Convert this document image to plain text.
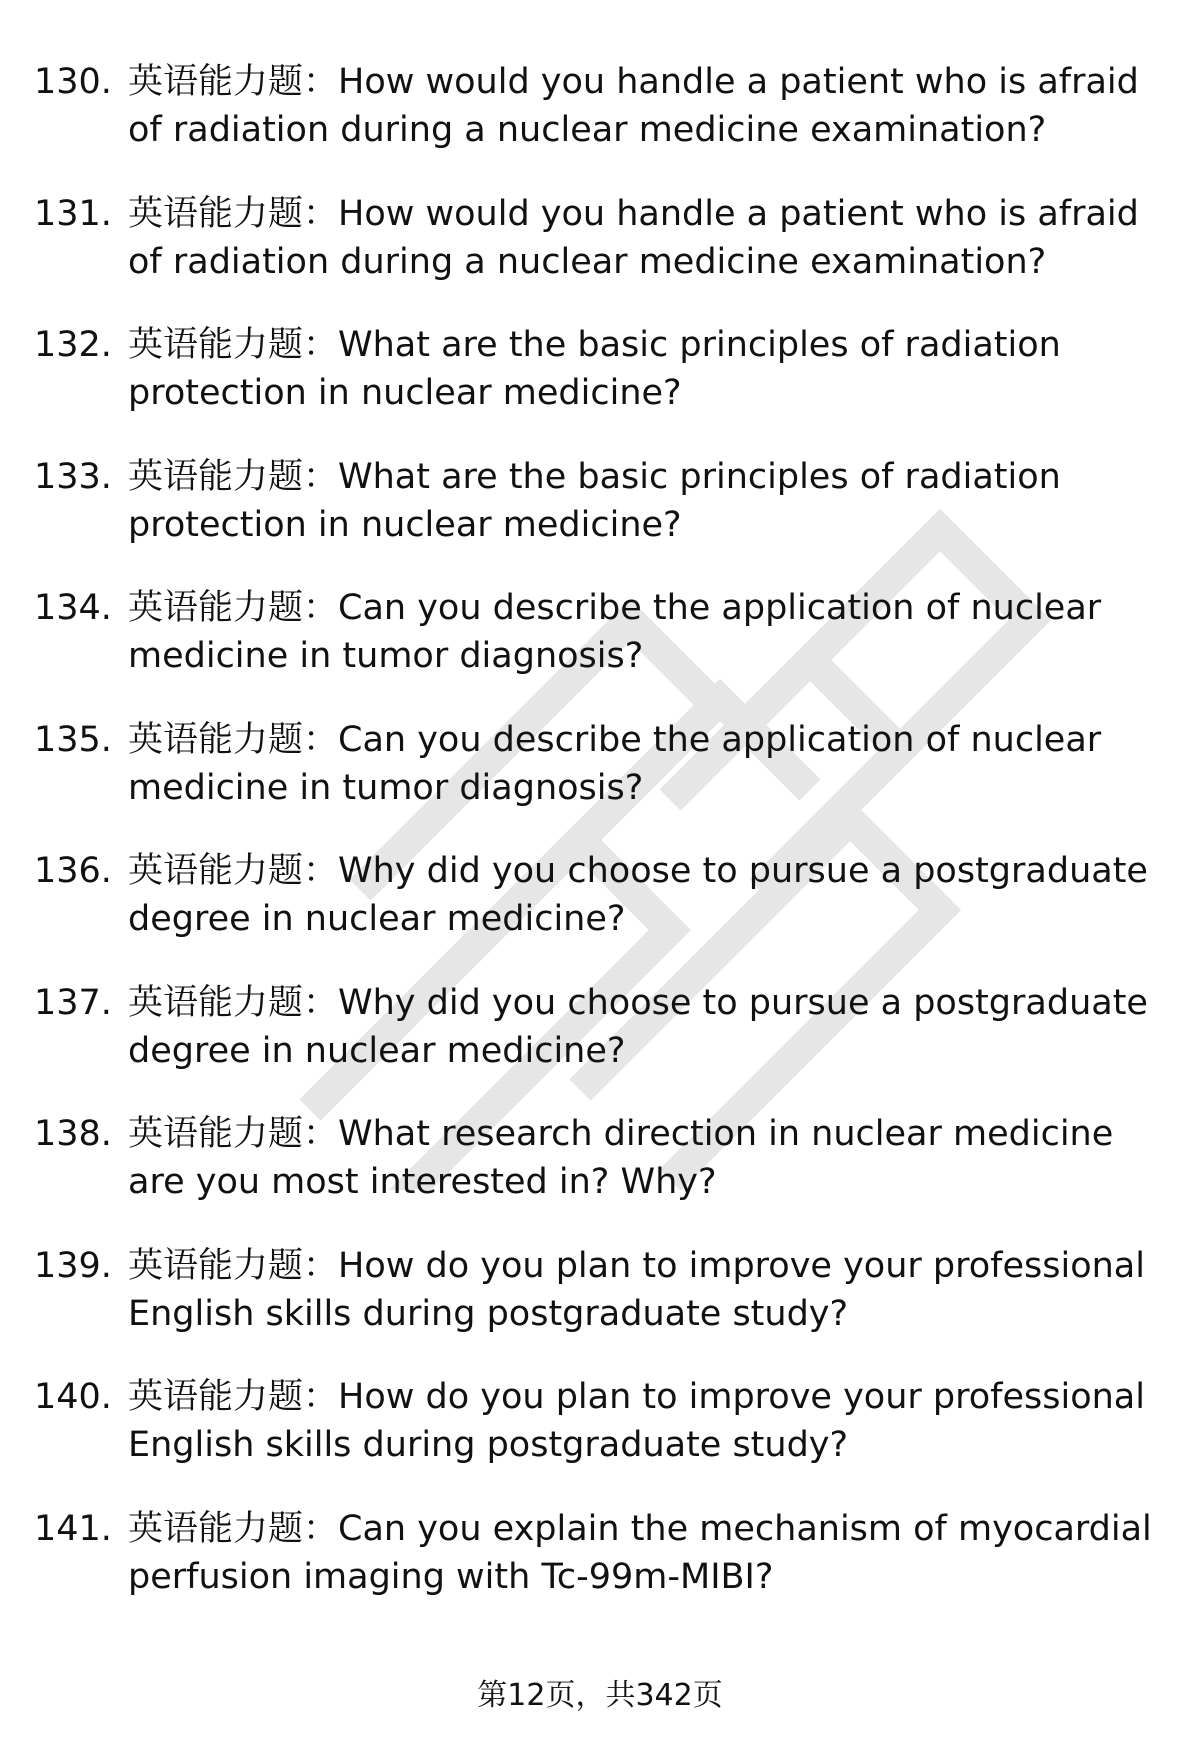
130. 英语能力题：How would you handle a patient who is afraid of radiation during a nuclear medicine examination?
131. 英语能力题：How would you handle a patient who is afraid of radiation during a nuclear medicine examination?
132. 英语能力题：What are the basic principles of radiation protection in nuclear medicine?
133. 英语能力题：What are the basic principles of radiation protection in nuclear medicine?
134. 英语能力题：Can you describe the application of nuclear medicine in tumor diagnosis?
135. 英语能力题：Can you describe the application of nuclear medicine in tumor diagnosis?
136. 英语能力题：Why did you choose to pursue a postgraduate degree in nuclear medicine?
137. 英语能力题：Why did you choose to pursue a postgraduate degree in nuclear medicine?
138. 英语能力题：What research direction in nuclear medicine are you most interested in? Why?
139. 英语能力题：How do you plan to improve your professional English skills during postgraduate study?
140. 英语能力题：How do you plan to improve your professional English skills during postgraduate study?
141. 英语能力题：Can you explain the mechanism of myocardial perfusion imaging with Tc-99m-MIBI?
第12页，共342页
